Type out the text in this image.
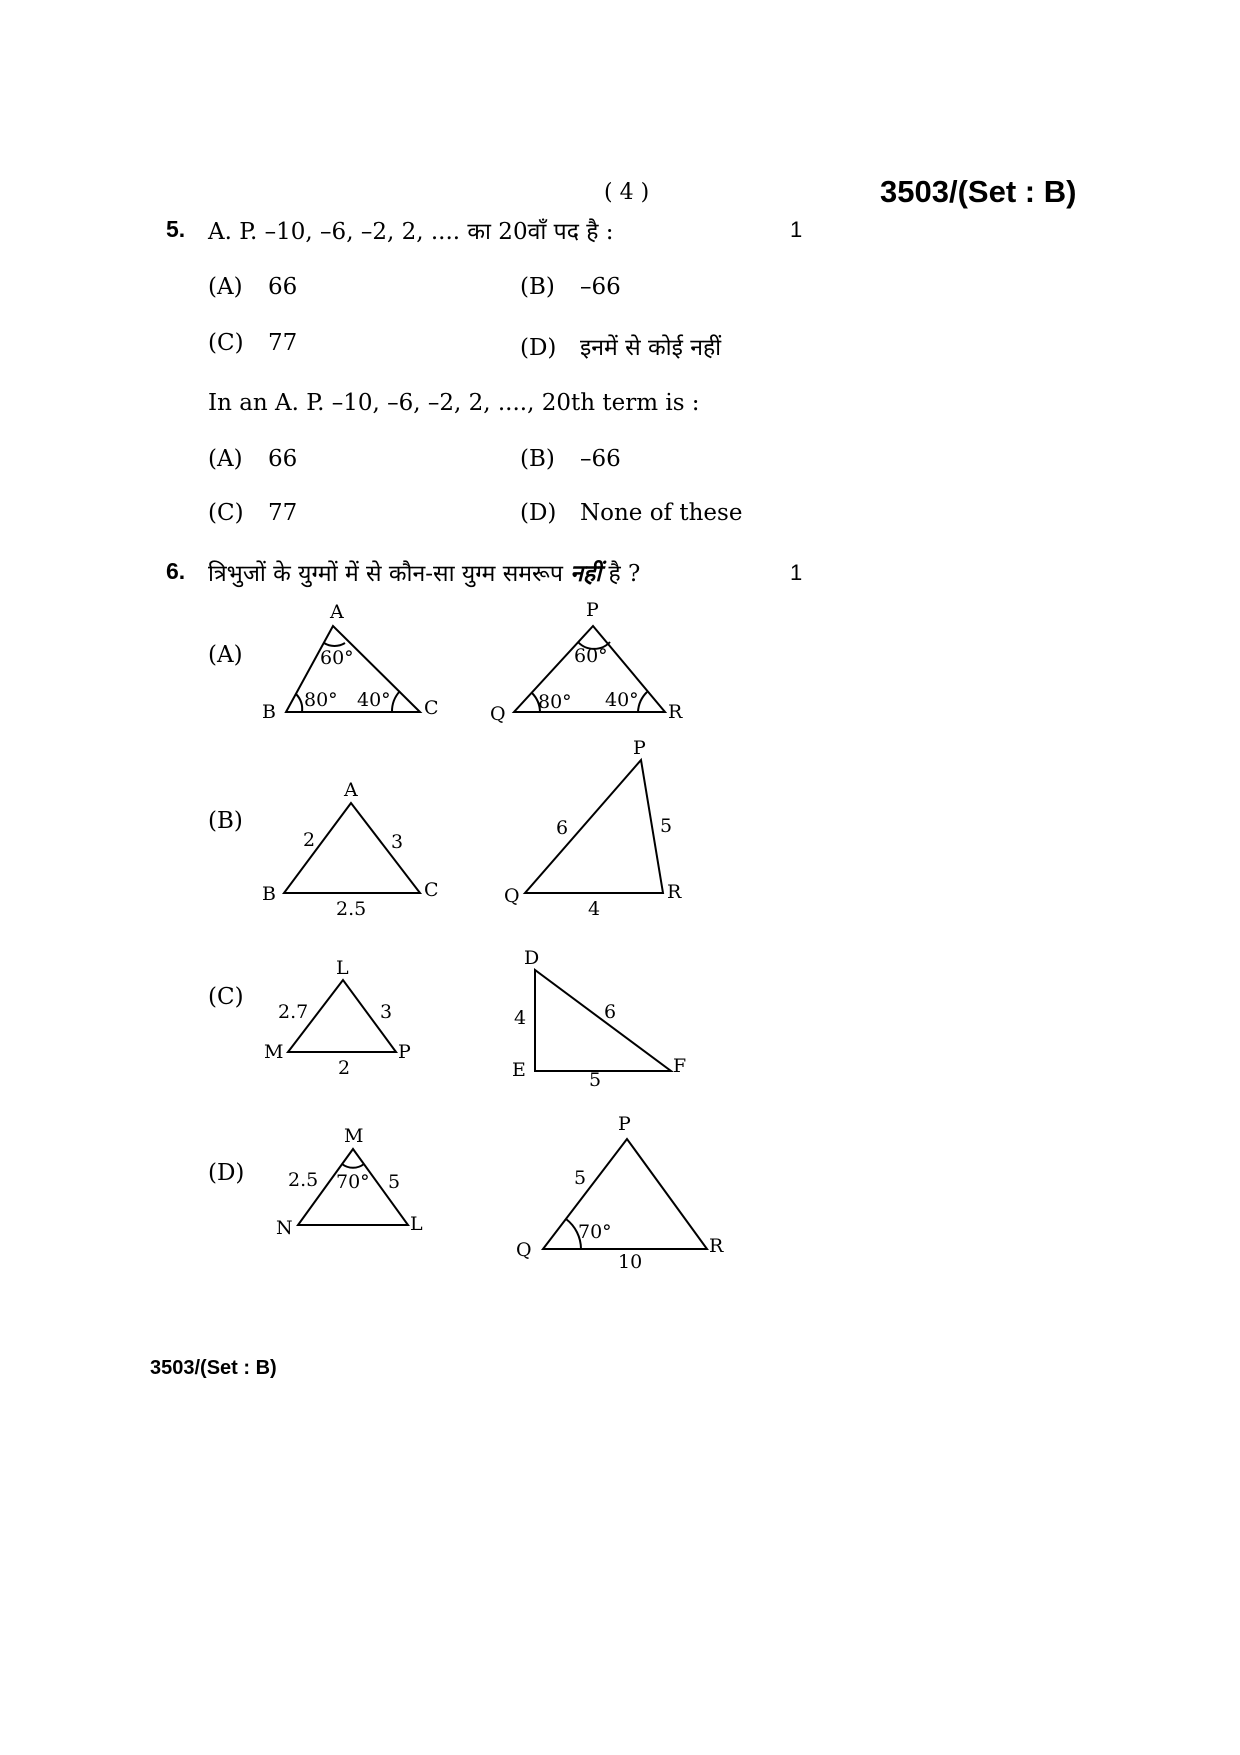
( 4 )	3503/(Set : B)
5. A. P. –10, –6, –2, 2, .... का 20वाँ पद है :	1
(A) 66	(B) –66
(C) 77	(D) इनमें से कोई नहीं
In an A. P. –10, –6, –2, 2, ...., 20th term is :
(A) 66	(B) –66
(C) 77	(D) None of these
6. त्रिभुजों के युग्मों में से कौन-सा युग्म समरूप नहीं है ?	1
(A)
(B)
(C)
(D)
A
B	C
60°
80° 40°
P
Q	R
60°
80° 40°
A
B	C
2	3
2.5
P
Q	R
6	5
4
L
M	P
2.7	3
2
D
E	F
4	6
5
M
N	L
2.5	5
70°
P
Q	R
5
10
70°
3503/(Set : B)
